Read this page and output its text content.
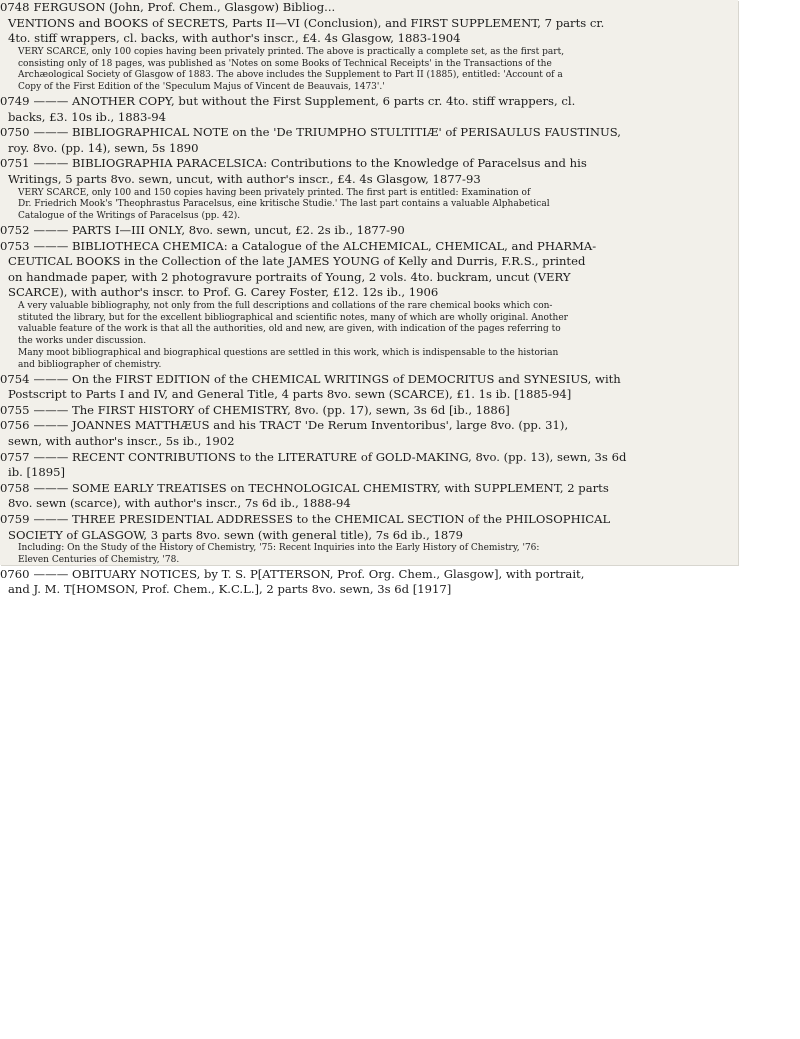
0748 FERGUSON (John, Prof. Chem., Glasgow) Bibliog...
VENTIONS and BOOKS of SECRETS, Parts II—VI (Conclusion), and FIRST SUPPLEMENT, 7 parts cr.
4to. stiff wrappers, cl. backs, with author's inscr., £4. 4s Glasgow, 1883-1904

VERY SCARCE, only 100 copies having been privately printed. The above is practically a complete set, as the first part,

consisting only of 18 pages, was published as 'Notes on some Books of Technical Receipts' in the Transactions of the

Archæological Society of Glasgow of 1883. The above includes the Supplement to Part II (1885), entitled: 'Account of a

Copy of the First Edition of the 'Speculum Majus of Vincent de Beauvais, 1473'.'

0749 ——— ANOTHER COPY, but without the First Supplement, 6 parts cr. 4to. stiff wrappers, cl.
backs, £3. 10s ib., 1883-94
0750 ——— BIBLIOGRAPHICAL NOTE on the 'De TRIUMPHO STULTITIÆ' of PERISAULUS FAUSTINUS,
roy. 8vo. (pp. 14), sewn, 5s 1890
0751 ——— BIBLIOGRAPHIA PARACELSICA: Contributions to the Knowledge of Paracelsus and his
Writings, 5 parts 8vo. sewn, uncut, with author's inscr., £4. 4s Glasgow, 1877-93

VERY SCARCE, only 100 and 150 copies having been privately printed. The first part is entitled: Examination of

Dr. Friedrich Mook's 'Theophrastus Paracelsus, eine kritische Studie.' The last part contains a valuable Alphabetical

Catalogue of the Writings of Paracelsus (pp. 42).

0752 ——— PARTS I—III ONLY, 8vo. sewn, uncut, £2. 2s ib., 1877-90
0753 ——— BIBLIOTHECA CHEMICA: a Catalogue of the ALCHEMICAL, CHEMICAL, and PHARMA-
CEUTICAL BOOKS in the Collection of the late JAMES YOUNG of Kelly and Durris, F.R.S., printed
on handmade paper, with 2 photogravure portraits of Young, 2 vols. 4to. buckram, uncut (VERY
SCARCE), with author's inscr. to Prof. G. Carey Foster, £12. 12s ib., 1906

A very valuable bibliography, not only from the full descriptions and collations of the rare chemical books which con-

stituted the library, but for the excellent bibliographical and scientific notes, many of which are wholly original. Another

valuable feature of the work is that all the authorities, old and new, are given, with indication of the pages referring to

the works under discussion.

Many moot bibliographical and biographical questions are settled in this work, which is indispensable to the historian

and bibliographer of chemistry.

0754 ——— On the FIRST EDITION of the CHEMICAL WRITINGS of DEMOCRITUS and SYNESIUS, with
Postscript to Parts I and IV, and General Title, 4 parts 8vo. sewn (SCARCE), £1. 1s ib. [1885-94]
0755 ——— The FIRST HISTORY of CHEMISTRY, 8vo. (pp. 17), sewn, 3s 6d [ib., 1886]
0756 ——— JOANNES MATTHÆUS and his TRACT 'De Rerum Inventoribus', large 8vo. (pp. 31),
sewn, with author's inscr., 5s ib., 1902
0757 ——— RECENT CONTRIBUTIONS to the LITERATURE of GOLD-MAKING, 8vo. (pp. 13), sewn, 3s 6d
ib. [1895]
0758 ——— SOME EARLY TREATISES on TECHNOLOGICAL CHEMISTRY, with SUPPLEMENT, 2 parts
8vo. sewn (scarce), with author's inscr., 7s 6d ib., 1888-94
0759 ——— THREE PRESIDENTIAL ADDRESSES to the CHEMICAL SECTION of the PHILOSOPHICAL
SOCIETY of GLASGOW, 3 parts 8vo. sewn (with general title), 7s 6d ib., 1879

Including: On the Study of the History of Chemistry, '75: Recent Inquiries into the Early History of Chemistry, '76:

Eleven Centuries of Chemistry, '78.

0760 ——— OBITUARY NOTICES, by T. S. P[ATTERSON, Prof. Org. Chem., Glasgow], with portrait,
and J. M. T[HOMSON, Prof. Chem., K.C.L.], 2 parts 8vo. sewn, 3s 6d [1917]
